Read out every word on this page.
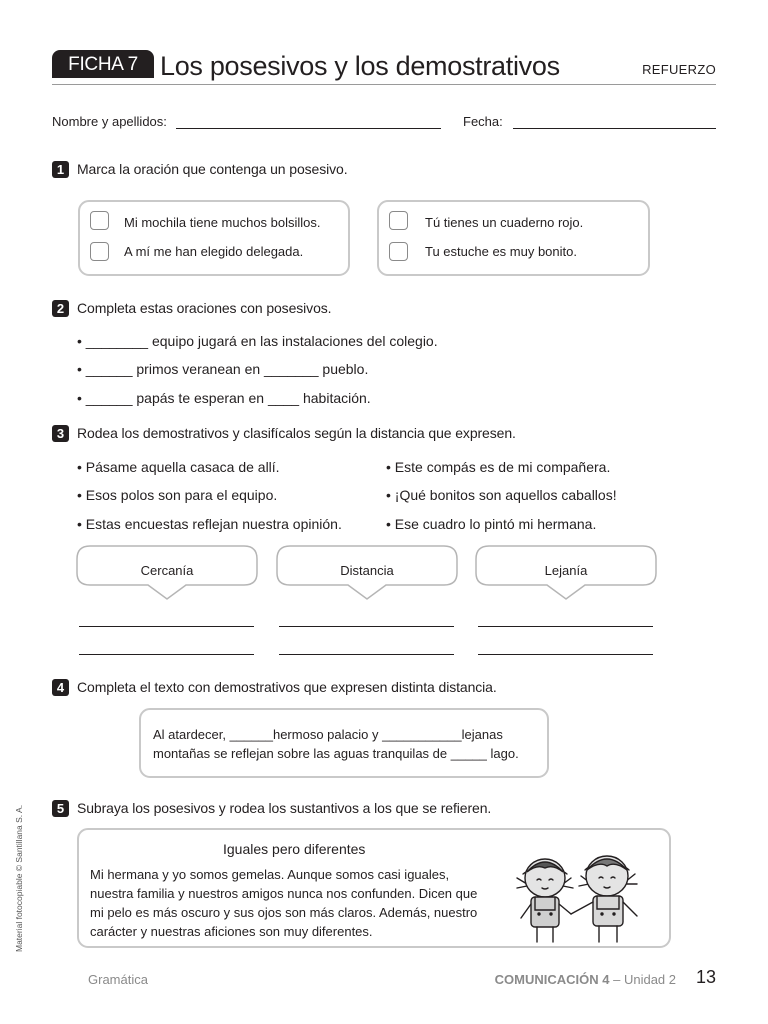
FICHA 7 Los posesivos y los demostrativos	REFUERZO
Nombre y apellidos:	Fecha:
1 Marca la oración que contenga un posesivo.
Mi mochila tiene muchos bolsillos.
A mí me han elegido delegada.
Tú tienes un cuaderno rojo.
Tu estuche es muy bonito.
2 Completa estas oraciones con posesivos.
• ________ equipo jugará en las instalaciones del colegio.
• ______ primos veranean en _______ pueblo.
• ______ papás te esperan en ____ habitación.
3 Rodea los demostrativos y clasifícalos según la distancia que expresen.
• Pásame aquella casaca de allí.
• Esos polos son para el equipo.
• Estas encuestas reflejan nuestra opinión.
• Este compás es de mi compañera.
• ¡Qué bonitos son aquellos caballos!
• Ese cuadro lo pintó mi hermana.
Cercanía	Distancia	Lejanía
4 Completa el texto con demostrativos que expresen distinta distancia.
Al atardecer, ______hermoso palacio y ___________lejanas
montañas se reflejan sobre las aguas tranquilas de _____ lago.
5 Subraya los posesivos y rodea los sustantivos a los que se refieren.
Iguales pero diferentes
Mi hermana y yo somos gemelas. Aunque somos casi iguales,
nuestra familia y nuestros amigos nunca nos confunden. Dicen que
mi pelo es más oscuro y sus ojos son más claros. Además, nuestro
carácter y nuestras aficiones son muy diferentes.
Material fotocopiable © Santillana S. A.
Gramática	COMUNICACIÓN 4 – Unidad 2 13
